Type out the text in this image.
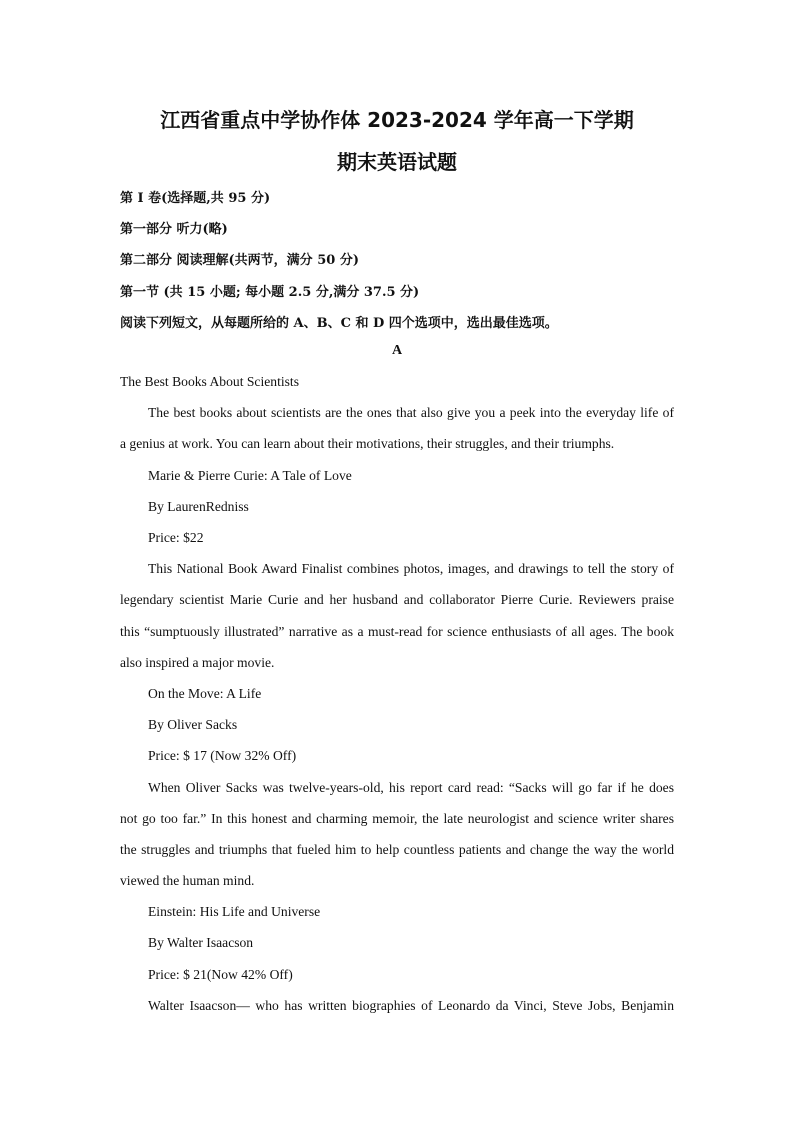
江西省重点中学协作体 2023-2024 学年高一下学期
期末英语试题

第 I 卷(选择题,共 95 分)

第一部分 听力(略)

第二部分 阅读理解(共两节，满分 50 分)

第一节 (共 15 小题; 每小题 2.5 分,满分 37.5 分)

阅读下列短文，从每题所给的 A、B、C 和 D 四个选项中，选出最佳选项。

A

The Best Books About Scientists

The best books about scientists are the ones that also give you a peek into the everyday life of

a genius at work. You can learn about their motivations, their struggles, and their triumphs.

Marie & Pierre Curie: A Tale of Love

By LaurenRedniss

Price: $22

This National Book Award Finalist combines photos, images, and drawings to tell the story of

legendary scientist Marie Curie and her husband and collaborator Pierre Curie. Reviewers praise

this “sumptuously illustrated” narrative as a must-read for science enthusiasts of all ages. The book

also inspired a major movie.

On the Move: A Life

By Oliver Sacks

Price: $ 17 (Now 32% Off)

When Oliver Sacks was twelve-years-old, his report card read: “Sacks will go far if he does

not go too far.” In this honest and charming memoir, the late neurologist and science writer shares

the struggles and triumphs that fueled him to help countless patients and change the way the world

viewed the human mind.

Einstein: His Life and Universe

By Walter Isaacson

Price: $ 21(Now 42% Off)

Walter Isaacson— who has written biographies of Leonardo da Vinci, Steve Jobs, Benjamin
